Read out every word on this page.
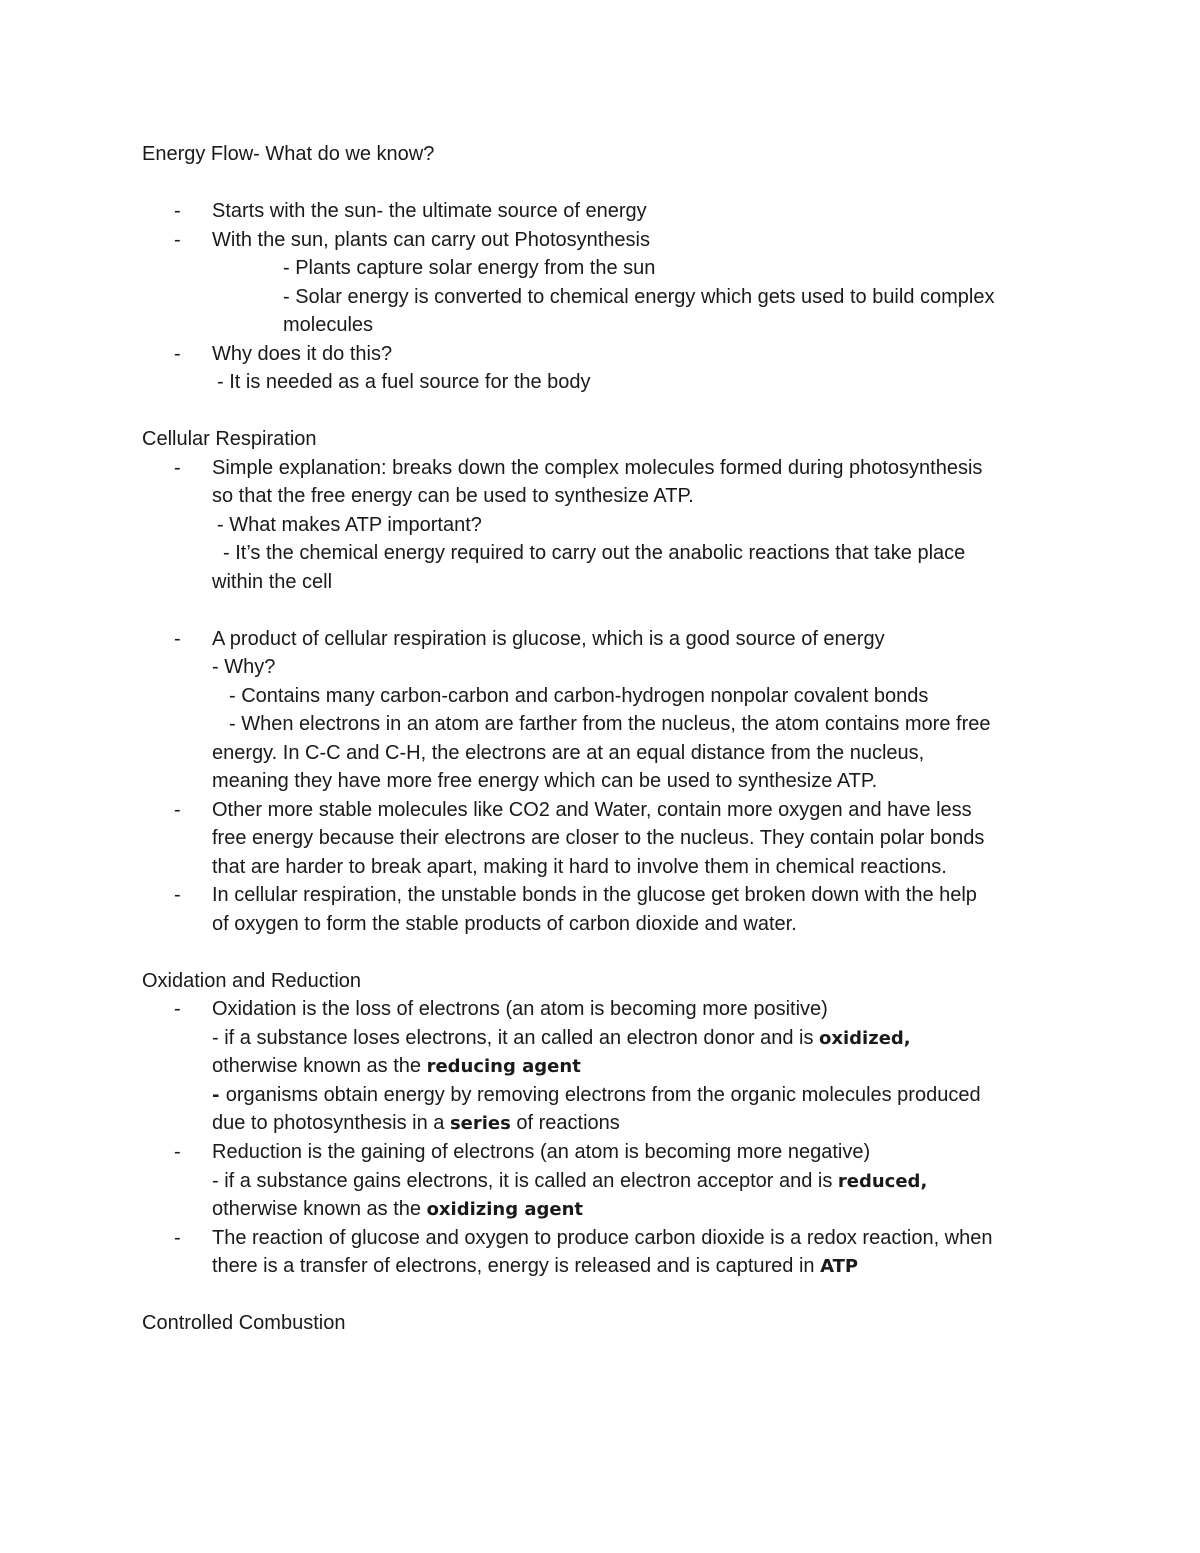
Energy Flow- What do we know?
- Starts with the sun- the ultimate source of energy
- With the sun, plants can carry out Photosynthesis
- Plants capture solar energy from the sun
- Solar energy is converted to chemical energy which gets used to build complex
molecules
- Why does it do this?
- It is needed as a fuel source for the body
Cellular Respiration
- Simple explanation: breaks down the complex molecules formed during photosynthesis
so that the free energy can be used to synthesize ATP.
- What makes ATP important?
- It’s the chemical energy required to carry out the anabolic reactions that take place
within the cell
- A product of cellular respiration is glucose, which is a good source of energy
- Why?
- Contains many carbon-carbon and carbon-hydrogen nonpolar covalent bonds
- When electrons in an atom are farther from the nucleus, the atom contains more free
energy. In C-C and C-H, the electrons are at an equal distance from the nucleus,
meaning they have more free energy which can be used to synthesize ATP.
- Other more stable molecules like CO2 and Water, contain more oxygen and have less
free energy because their electrons are closer to the nucleus. They contain polar bonds
that are harder to break apart, making it hard to involve them in chemical reactions.
- In cellular respiration, the unstable bonds in the glucose get broken down with the help
of oxygen to form the stable products of carbon dioxide and water.
Oxidation and Reduction
- Oxidation is the loss of electrons (an atom is becoming more positive)
- if a substance loses electrons, it an called an electron donor and is oxidized,
otherwise known as the reducing agent
- organisms obtain energy by removing electrons from the organic molecules produced
due to photosynthesis in a series of reactions
- Reduction is the gaining of electrons (an atom is becoming more negative)
- if a substance gains electrons, it is called an electron acceptor and is reduced,
otherwise known as the oxidizing agent
- The reaction of glucose and oxygen to produce carbon dioxide is a redox reaction, when
there is a transfer of electrons, energy is released and is captured in ATP
Controlled Combustion
